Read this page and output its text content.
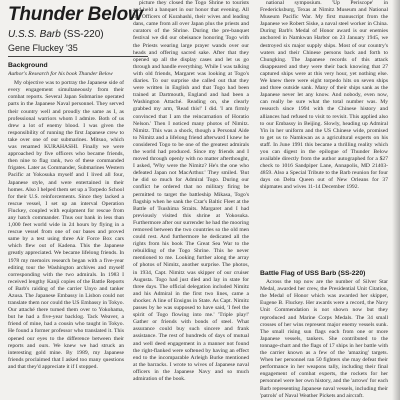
Thunder Below
U.S.S. Barb (SS-220)
Gene Fluckey '35
Background
Author's Research for his book Thunder Below

My objective was to portray the Japanese side of every engagement simultaneously from their combat reports. Several Japan Submarine operated parts in the Japanese Naval personnel. They served their country well and proudly the same as I, as professional warriors whom I admire. Both of us drew a lot of enemy blood. I was given the responsibility of running the first Japanese crew to take over one of our submarines. Mitsuo, which was renamed KURAHASHI. Finally we were approached by five officers who became friends, then nine to flag rank, two of these commanded frigates. Later as Commander, Submarines Western Pacific at Yokosuka myself and I lived all four, Japanese style, and were entertained in their homes. Also I helped them set up a Torpedo School for their U.S. reinforcements. Since they lacked a rescue vessel, I set up an interval Operation Fluckey, coupled with equipment for rescue from any hatch commander. Thus our bank in less than 1,000 feet world wide in 24 hours by flying in a rescue vessel from one of our bases and proved same by a test using three Air Force Box cars which flew out of Kadena. This the Japanese greatly appreciated. We became lifelong friends. In 1978 my memoirs research began with a five-year editing tour the Washington archives and myself corresponding with the two admirals. In 1983 I received lengthy Kanji copies of the Battle Reports of Barb's raiding of the carrier Unyo and tanker Azusa. The Japanese Embassy in Lisbon could not translate them nor could the US Embassy in Tokyo. Our attaché there turned them over to Yokohama, but he had a five-year backlog. Tack Weaver, a friend of mine, had a cousin who taught in Tokyo. He found a former professor who translated it. This opened our eyes to the difference between their reports and ours. We knew we had struck an interesting gold mine. By 1989, my Japanese friends proclaimed that I asked too many questions and that they'd appreciate it if I stopped.

picture they closed the Togo Shrine to tourists and held a banquet in our honor that evening. All the Officers of Kurahashi, their wives and leading dans, came from all over Japan plus the priests and curators of the Shrine. During the pre-banquet festival we did our obeisance honoring Togo with the Priests wearing large prayer wands over our heads and offering sacred sake. After that they opened up all the display cases and let us go through and handle everything. While I was talking with old friends, Margaret was looking at Togo's diaries. To our surprise she called out that they were written in English and that Togo had been trained at Dartmouth, England and had been a Washington Attaché. Reading on, she clearly grabbed my arm, 'Read this!' I did. 'I am firmly convinced that I am the reincarnation of Horatio Nelson.' Then I noticed many photos of Nimitz. Nimitz. This was a shock, though a Personal Aide to Nimitz and a lifelong friend afterward I knew he considered Togo to be one of the greatest admirals the world had produced. Since my friends and I moved through openly with no matter afterthought, I asked, 'Why were the Nimitz? He's the one who defeated Japan not MacArthur.' They smiled. 'But he did so much for Admiral Togo. During our conflict he ordered that no military firing be permitted to target the battleship Mikasa, Togo's flagship when he sank the Czar's Baltic Fleet at the Battle of Tsushima Straits. Margaret and I had previously visited this shrine at Yokosuka. Furthermore after our surrender he had the mooring removed between the two countries so the old men could rest. And furthermore he dedicated all the rights from his book The Great Sea War to the rebuilding of the Togo Shrine. This he never mentioned to me. Looking further along the array of photos of Nimitz, another surprise. The photos, in 1934, Capt. Nimitz was skipper of our cruiser Augusta. Togo had just died and lay in state for three days. The official delegation included Nimitz and his Admiral in the first two lines, came a shocker. A line of Ensigns in State. As Capt. Nimitz passes by he was supposed to have said, 'I feel the spirit of Togo flowing into me.' 'Triple play!' Gather or friends with bonds of steel. What assurance could buy such sincere and frank assistance. The rest of hundreds of days of mutual and well deed engagement in a manner not found the right-flanked were softened by having an effect end to the incomparable Arleigh Burke mentioned at the barracks. I wrote to wives of Japanese naval officers in the Japanese Navy and so much admiration of the book.

national symposium. 'Up Periscope' in Fredericksburg, Texas at Nimitz Museum and National Museum Pacific War. My first manuscript from the Japanese we Robert Siske, a naval steel worker in China. During Barb's Medal of Honor award is our enemies anchored in Namkwan Harbor on 23 January 1945, we destroyed six major supply ships. Most of our country's waters and their Chinese persons back and forth to Chungking. The Japanese records of this attack disappeared and they were their back knowing that 27 captured ships were at this very hour, yet nothing else. We knew there were eight torpedo hits on seven ships and three outside sank. Many of their ships sank as the Japanese never let any know. And nobody, even now, can really be sure what the total number was. My research since 1994 with the Chinese history and alliances had refused to visit to revisit. This applied also to our Embassy in Beijing. Slowly, heading up Admiral Yin in her uniform and the US Chinese wide, promised to get us to Namkwan as a agricultural experts on his staff. In June 1991 this became a thrilling reality which you can digest in the epilogue of Thunder Below available directly from the author autographed for a $27 check to 1016 Sandpiper Lane, Annapolis, MD 21403-4859. Also a Special Tribute to the Barb reunion for four days on Delta Queen out of New Orleans for 37 shipmates and wives 11-14 December 1992.

Battle Flag of USS Barb (SS-220)

Across the top now are the number of Silver Star Medal, awarded her crew, the Presidential Unit Citation, the Medal of Honor which was awarded her skipper, Eugene B. Fluckey. Her awards were a record, the Navy Unit Commendation is not shown now but they reproduced and Marine Corps Medals. The 34 small crosses of her wins represent major enemy vessels sunk. The small rising sun flags each from one or more Japanese vessels, tankers. She contributed to the tonnage-chart and the flags of 17 ships in her battle with the carrier known as a few of the 'amazing' targets. When her personnel ran 50 fighters she may defeat their performance in her weapons tally, including their final engagement of combat experts, the rockets for her personnel were her own history, and the 'arrows' for each Barb representing Japanese naval vessels, including their 'patrols' of Naval Weather Pickets and aircraft.
